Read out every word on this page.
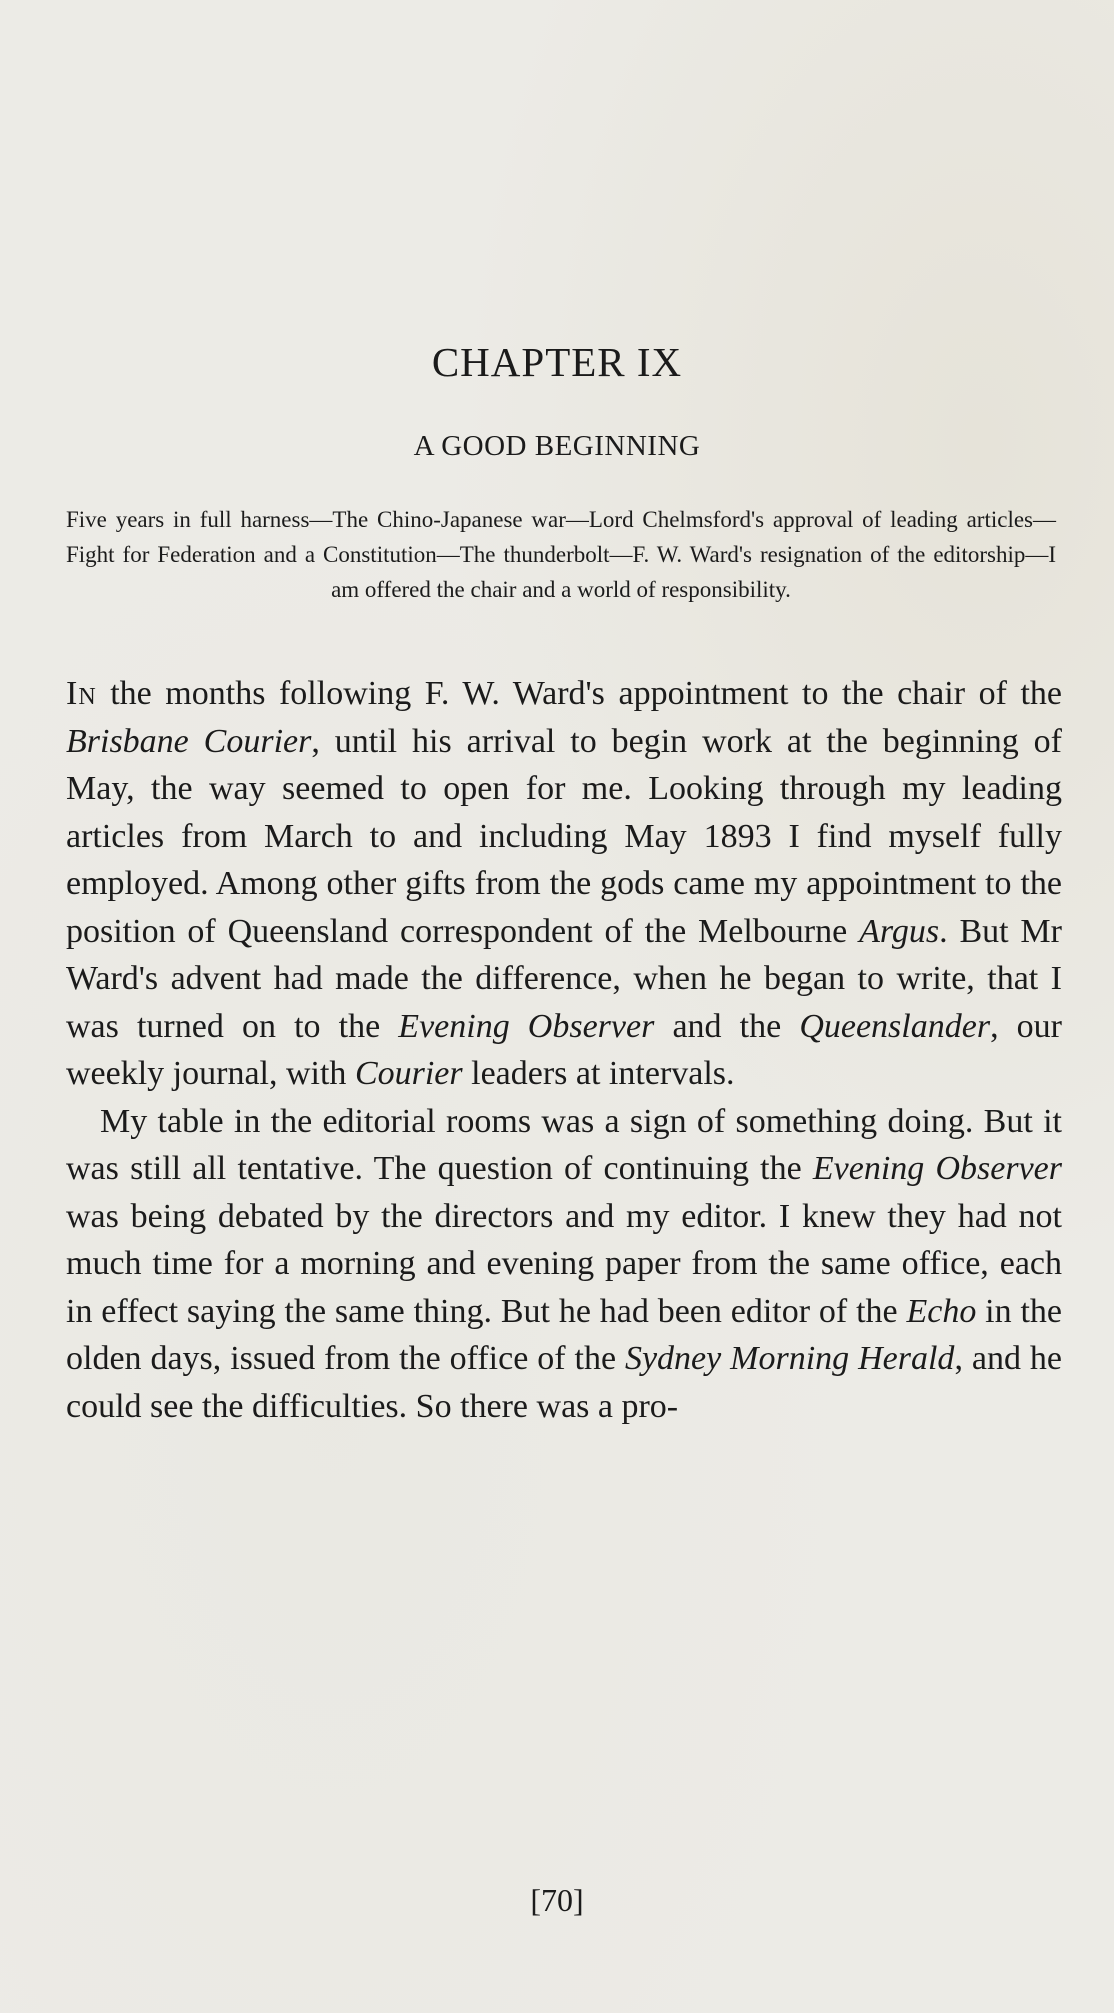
CHAPTER IX
A GOOD BEGINNING

Five years in full harness—The Chino-Japanese war—Lord Chelmsford's approval of leading articles—Fight for Federation and a Constitution—The thunderbolt—F. W. Ward's resignation of the editorship—I am offered the chair and a world of responsibility.

In the months following F. W. Ward's appointment to the chair of the Brisbane Courier, until his arrival to begin work at the beginning of May, the way seemed to open for me. Looking through my leading articles from March to and including May 1893 I find myself fully employed. Among other gifts from the gods came my appointment to the position of Queensland correspondent of the Melbourne Argus. But Mr Ward's advent had made the difference, when he began to write, that I was turned on to the Evening Observer and the Queenslander, our weekly journal, with Courier leaders at intervals.

My table in the editorial rooms was a sign of something doing. But it was still all tentative. The question of continuing the Evening Observer was being debated by the directors and my editor. I knew they had not much time for a morning and evening paper from the same office, each in effect saying the same thing. But he had been editor of the Echo in the olden days, issued from the office of the Sydney Morning Herald, and he could see the difficulties. So there was a pro-

[70]
